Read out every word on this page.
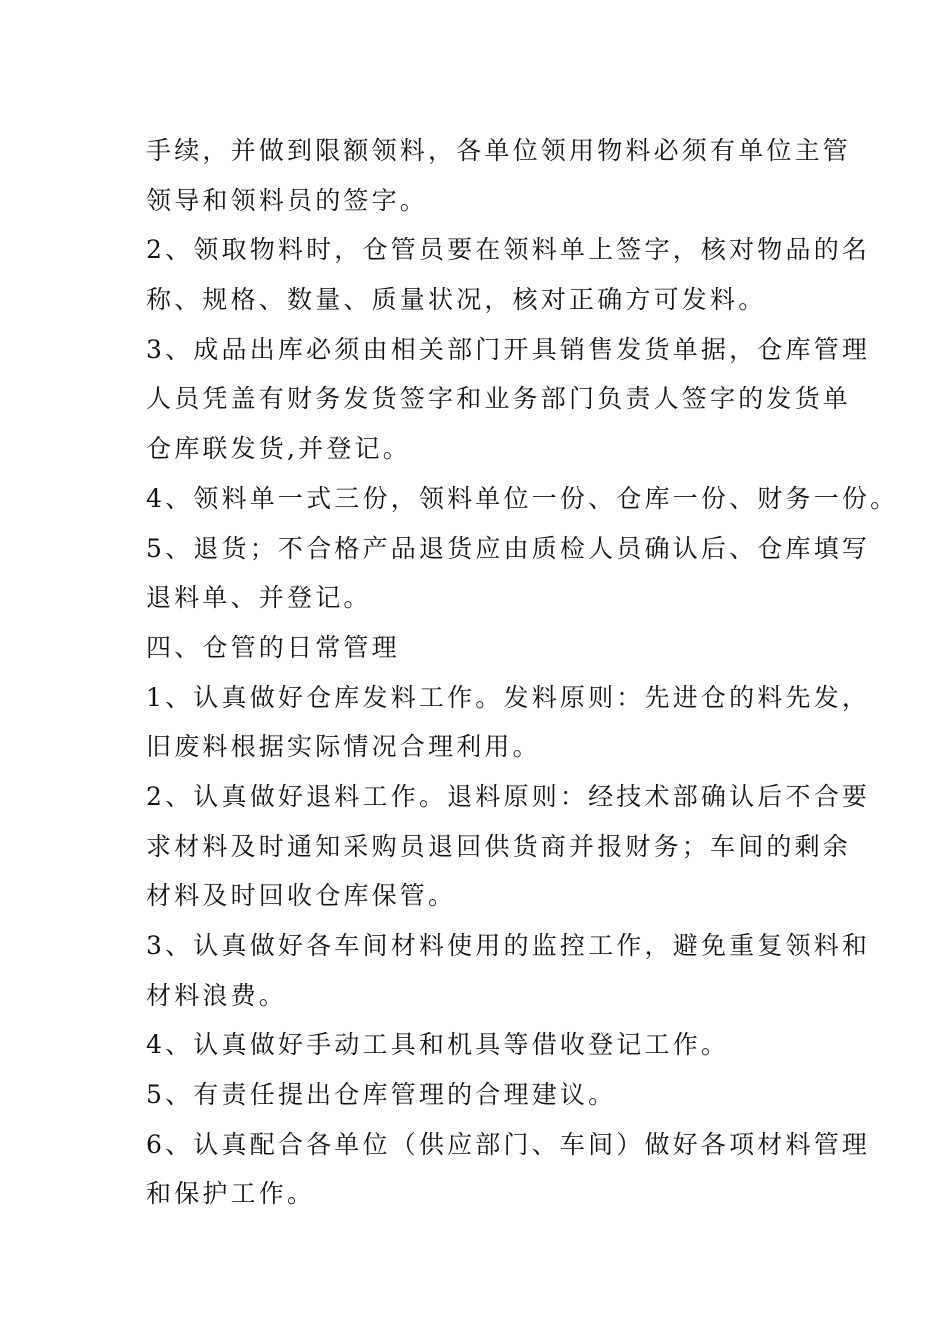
手续，并做到限额领料，各单位领用物料必须有单位主管
领导和领料员的签字。
2、领取物料时，仓管员要在领料单上签字，核对物品的名
称、规格、数量、质量状况，核对正确方可发料。
3、成品出库必须由相关部门开具销售发货单据，仓库管理
人员凭盖有财务发货签字和业务部门负责人签字的发货单
仓库联发货,并登记。
4、领料单一式三份，领料单位一份、仓库一份、财务一份。
5、退货；不合格产品退货应由质检人员确认后、仓库填写
退料单、并登记。
四、仓管的日常管理
1、认真做好仓库发料工作。发料原则：先进仓的料先发，
旧废料根据实际情况合理利用。
2、认真做好退料工作。退料原则：经技术部确认后不合要
求材料及时通知采购员退回供货商并报财务；车间的剩余
材料及时回收仓库保管。
3、认真做好各车间材料使用的监控工作，避免重复领料和
材料浪费。
4、认真做好手动工具和机具等借收登记工作。
5、有责任提出仓库管理的合理建议。
6、认真配合各单位（供应部门、车间）做好各项材料管理
和保护工作。
